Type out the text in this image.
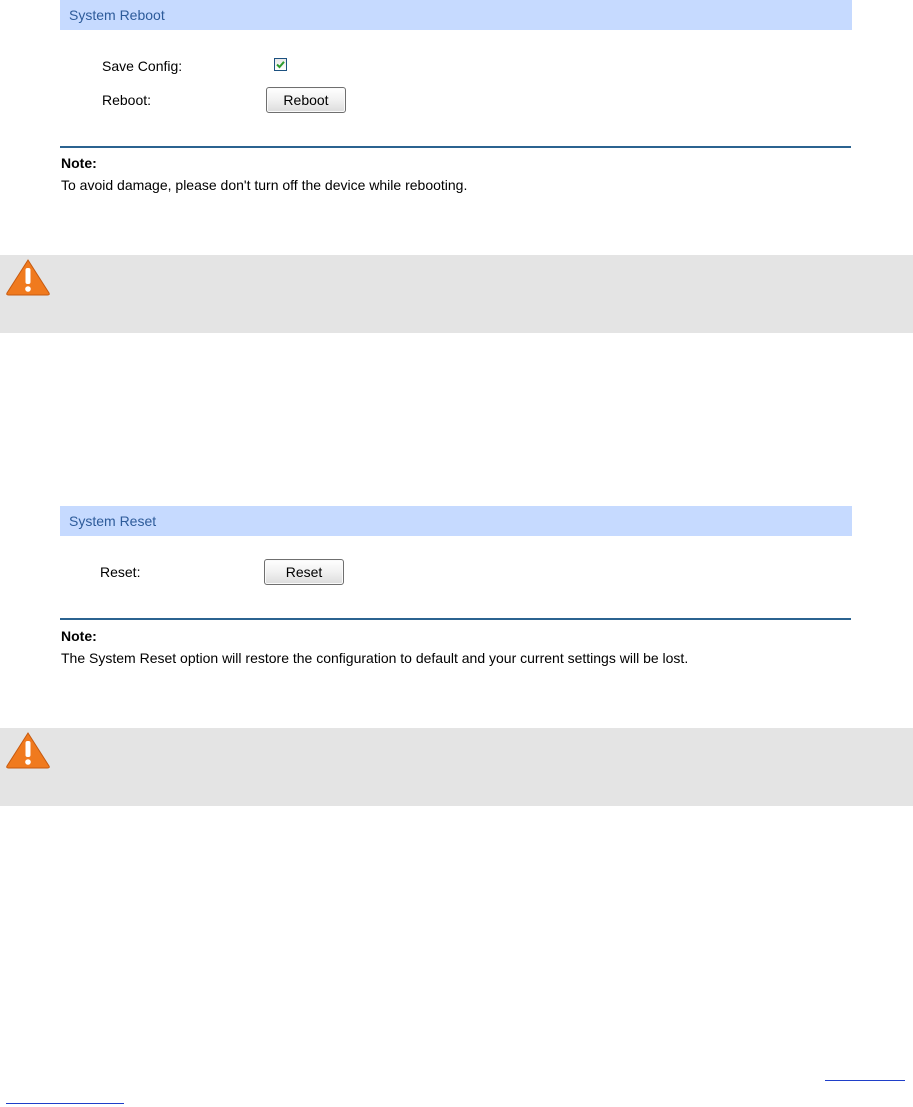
System Reboot
Save Config:
Reboot:	Reboot
Note:
To avoid damage, please don't turn off the device while rebooting.
System Reset
Reset:	Reset
Note:
The System Reset option will restore the configuration to default and your current settings will be lost.
